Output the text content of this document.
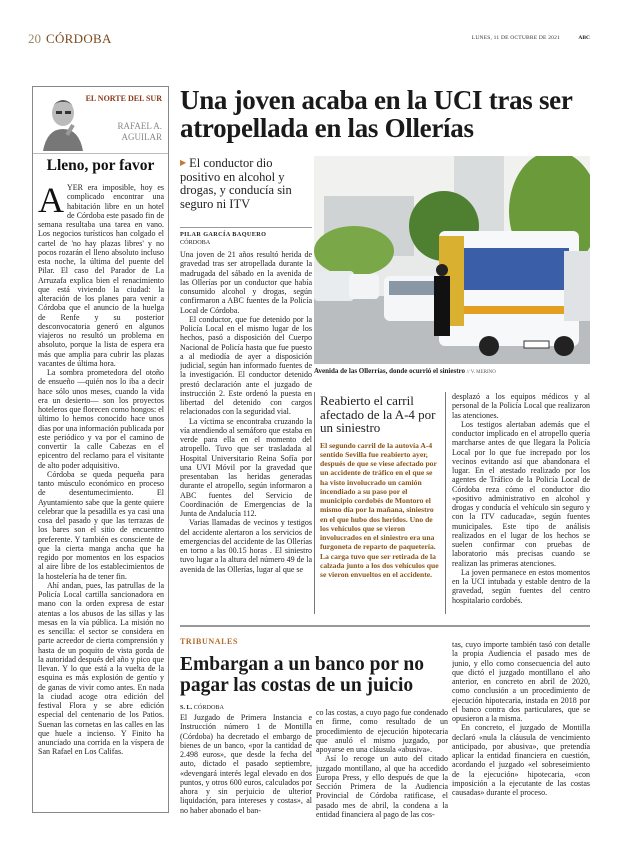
20 CÓRDOBA	LUNES, 11 DE OCTUBRE DE 2021	ABC
EL NORTE DEL SUR
RAFAEL A.
AGUILAR
Lleno, por favor
A YER era imposible, hoy es complicado encontrar una habitación libre en un hotel de Córdoba este pasado fin de semana resultaba una tarea en vano. Los negocios turísticos han colgado el cartel de 'no hay plazas libres' y no pocos rozarán el lleno absoluto incluso esta noche, la última del puente del Pilar. El caso del Parador de La Arruzafa explica bien el renacimiento que está viviendo la ciudad: la alteración de los planes para venir a Córdoba que el anuncio de la huelga de Renfe y su posterior desconvocatoria generó en algunos viajeros no resultó un problema en absoluto, porque la lista de espera era más que amplia para cubrir las plazas vacantes de última hora.

La sombra prometedora del otoño de ensueño —quién nos lo iba a decir hace sólo unos meses, cuando la vida era un desierto— son los proyectos hoteleros que florecen como hongos: el último lo hemos conocido hace unos días por una información publicada por este periódico y va por el camino de convertir la calle Cabezas en el epicentro del reclamo para el visitante de alto poder adquisitivo.

Córdoba se queda pequeña para tanto músculo económico en proceso de desentumecimiento. El Ayuntamiento sabe que la gente quiere celebrar que la pesadilla es ya casi una cosa del pasado y que las terrazas de los bares son el sitio de encuentro preferente. Y también es consciente de que la cierta manga ancha que ha regido por momentos en los espacios al aire libre de los establecimientos de la hostelería ha de tener fin.

Ahí andan, pues, las patrullas de la Policía Local cartilla sancionadora en mano con la orden expresa de estar atentas a los abusos de las sillas y las mesas en la vía pública. La misión no es sencilla: el sector se considera en parte acreedor de cierta comprensión y hasta de un poquito de vista gorda de la autoridad después del año y pico que llevan. Y lo que está a la vuelta de la esquina es más explosión de gentío y de ganas de vivir como antes. En nada la ciudad acoge otra edición del festival Flora y se abre edición especial del centenario de los Patios. Suenan las cornetas en las calles en las que huele a incienso. Y Finito ha anunciado una corrida en la víspera de San Rafael en Los Califas.

Una joven acaba en la UCI tras ser atropellada en las Ollerías
▶ El conductor dio positivo en alcohol y drogas, y conducía sin seguro ni ITV
PILAR GARCÍA BAQUERO
CÓRDOBA

Una joven de 21 años resultó herida de gravedad tras ser atropellada durante la madrugada del sábado en la avenida de las Ollerías por un conductor que había consumido alcohol y drogas, según confirmaron a ABC fuentes de la Policía Local de Córdoba.

El conductor, que fue detenido por la Policía Local en el mismo lugar de los hechos, pasó a disposición del Cuerpo Nacional de Policía hasta que fue puesto a al mediodía de ayer a disposición judicial, según han informado fuentes de la investigación. El conductor detenido prestó declaración ante el juzgado de instrucción 2. Este ordenó la puesta en libertad del detenido con cargos relacionados con la seguridad vial.

La víctima se encontraba cruzando la vía atendiendo al semáforo que estaba en verde para ella en el momento del atropello. Tuvo que ser trasladada al Hospital Universitario Reina Sofía por una UVI Móvil por la gravedad que presentaban las heridas generadas durante el atropello, según informaron a ABC fuentes del Servicio de Coordinación de Emergencias de la Junta de Andalucía 112.

Varias llamadas de vecinos y testigos del accidente alertaron a los servicios de emergencias del accidente de las Ollerías en torno a las 00.15 horas . El siniestro tuvo lugar a la altura del número 49 de la avenida de las Ollerías, lugar al que se

Avenida de las Ollerrías, donde ocurrió el siniestro // V. MERINO
Reabierto el carril afectado de la A-4 por un siniestro
El segundo carril de la autovía A-4 sentido Sevilla fue reabierto ayer, después de que se viese afectado por un accidente de tráfico en el que se ha visto involucrado un camión incendiado a su paso por el municipio cordobés de Montoro el mismo día por la mañana, siniestro en el que hubo dos heridos. Uno de los vehículos que se vieron involucrados en el siniestro era una furgoneta de reparto de paquetería. La carga tuvo que ser retirada de la calzada junto a los dos vehículos que se vieron envueltos en el accidente.

desplazó a los equipos médicos y al personal de la Policía Local que realizaron las atenciones.

Los testigos alertaban además que el conductor implicado en el atropello quería marcharse antes de que llegara la Policía Local por lo que fue increpado por los vecinos evitando así que abandonara el lugar. En el atestado realizado por los agentes de Tráfico de la Policía Local de Córdoba reza cómo el conductor dio «positivo administrativo en alcohol y drogas y conducía el vehículo sin seguro y con la ITV caducada», según fuentes municipales. Este tipo de análisis realizados en el lugar de los hechos se suelen confirmar con pruebas de laboratorio más precisas cuando se realizan las primeras atenciones.

La joven permanece en estos momentos en la UCI intubada y estable dentro de la gravedad, según fuentes del centro hospitalario cordobés.

TRIBUNALES
Embargan a un banco por no pagar las costas de un juicio
S. L. CÓRDOBA

El Juzgado de Primera Instancia e Instrucción número 1 de Montilla (Córdoba) ha decretado el embargo de bienes de un banco, «por la cantidad de 2.498 euros», que desde la fecha del auto, dictado el pasado septiembre, «devengará interés legal elevado en dos puntos, y otros 600 euros, calculados por ahora y sin perjuicio de ulterior liquidación, para intereses y costas», al no haber abonado el ban-

co las costas, a cuyo pago fue condenado en firme, como resultado de un procedimiento de ejecución hipotecaria que anuló el mismo juzgado, por apoyarse en una cláusula «abusiva».

Así lo recoge un auto del citado juzgado montillano, al que ha accedido Europa Press, y ello después de que la Sección Primera de la Audiencia Provincial de Córdoba ratificase, el pasado mes de abril, la condena a la entidad financiera al pago de las cos-

tas, cuyo importe también tasó con detalle la propia Audiencia el pasado mes de junio, y ello como consecuencia del auto que dictó el juzgado montillano el año anterior, en concreto en abril de 2020, como conclusión a un procedimiento de ejecución hipotecaria, instada en 2018 por el banco contra dos particulares, que se opusieron a la misma.

En concreto, el juzgado de Montilla declaró «nula la cláusula de vencimiento anticipado, por abusiva», que pretendía aplicar la entidad financiera en cuestión, acordando el juzgado «el sobreseimiento de la ejecución» hipotecaria, «con imposición a la ejecutante de las costas causadas» durante el proceso.
